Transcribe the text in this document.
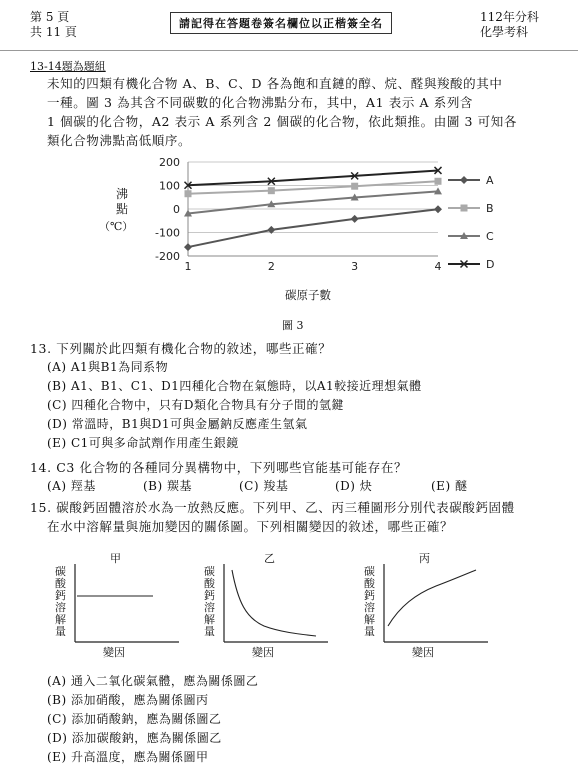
第 5 頁
共 11 頁
請記得在答題卷簽名欄位以正楷簽全名	112年分科
化學考科
13-14題為題組
未知的四類有機化合物 A、B、C、D 各為飽和直鏈的醇、烷、醛與羧酸的其中
一種。圖 3 為其含不同碳數的化合物沸點分布，其中，A1 表示 A 系列含
1 個碳的化合物，A2 表示 A 系列含 2 個碳的化合物，依此類推。由圖 3 可知各
類化合物沸點高低順序。
沸
點
（℃）
-200
-100
0
100
200
1	2	3	4
A
B
C
D
碳原子數
圖 3
13. 下列關於此四類有機化合物的敘述，哪些正確？
(A) A1與B1為同系物
(B) A1、B1、C1、D1四種化合物在氣態時，以A1較接近理想氣體
(C) 四種化合物中，只有D類化合物具有分子間的氫鍵
(D) 常溫時，B1與D1可與金屬鈉反應產生氫氣
(E) C1可與多命試劑作用產生銀鏡
14. C3 化合物的各種同分異構物中，下列哪些官能基可能存在？
(A) 羥基	(B) 羰基	(C) 羧基	(D) 炔	(E) 醚
15. 碳酸鈣固體溶於水為一放熱反應。下列甲、乙、丙三種圖形分別代表碳酸鈣固體
在水中溶解量與施加變因的關係圖。下列相關變因的敘述，哪些正確？
甲
碳酸鈣溶解量
變因
乙
碳酸鈣溶解量
變因
丙
碳酸鈣溶解量
變因
(A) 通入二氧化碳氣體，應為關係圖乙
(B) 添加硝酸，應為關係圖丙
(C) 添加硝酸鈉，應為關係圖乙
(D) 添加碳酸鈉，應為關係圖乙
(E) 升高溫度，應為關係圖甲
